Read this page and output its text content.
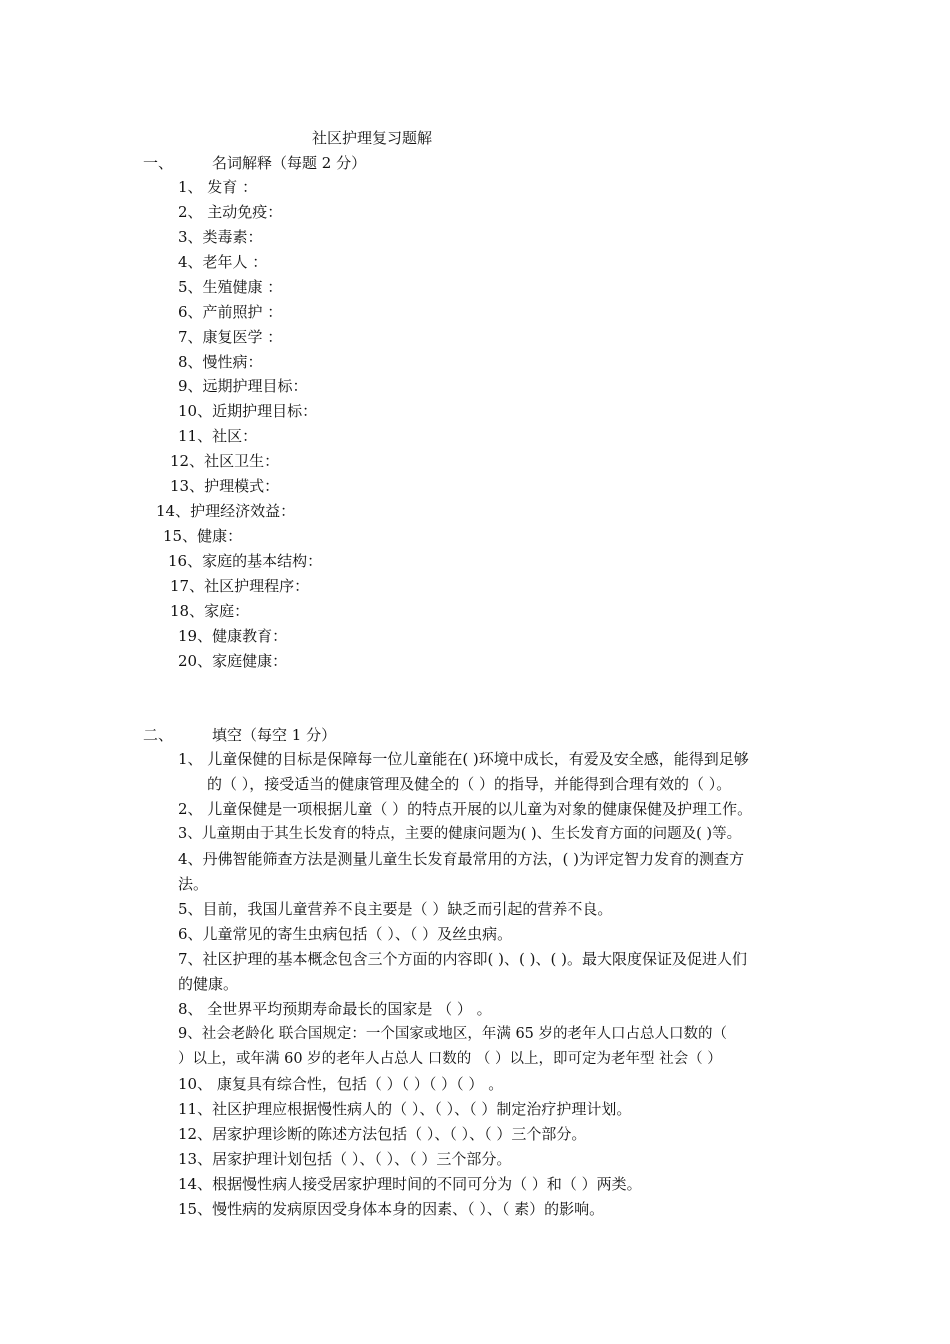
社区护理复习题解
一、	名词解释（每题 2 分）
1、 发育 ：
2、 主动免疫：
3、类毒素：
4、老年人 ：
5、生殖健康 ：
6、产前照护 ：
7、康复医学 ：
8、慢性病：
9、远期护理目标：
10、近期护理目标：
11、社区：
12、社区卫生：
13、护理模式：
14、护理经济效益：
15、健康：
16、家庭的基本结构：
17、社区护理程序：
18、家庭：
19、健康教育：
20、家庭健康：
二、	填空（每空 1 分）
1、 儿童保健的目标是保障每一位儿童能在( )环境中成长，有爱及安全感，能得到足够
的（ ），接受适当的健康管理及健全的（ ）的指导，并能得到合理有效的（ ）。
2、 儿童保健是一项根据儿童（ ）的特点开展的以儿童为对象的健康保健及护理工作。
3、儿童期由于其生长发育的特点，主要的健康问题为( )、生长发育方面的问题及( )等。
4、丹佛智能筛查方法是测量儿童生长发育最常用的方法，( )为评定智力发育的测查方
法。
5、目前，我国儿童营养不良主要是（ ）缺乏而引起的营养不良。
6、儿童常见的寄生虫病包括（ ）、（ ）及丝虫病。
7、社区护理的基本概念包含三个方面的内容即( )、( )、( )。最大限度保证及促进人们
的健康。
8、 全世界平均预期寿命最长的国家是 （ ） 。
9、社会老龄化 联合国规定：一个国家或地区，年满 65 岁的老年人口占总人口数的（
）以上，或年满 60 岁的老年人占总人 口数的 （ ）以上，即可定为老年型 社会（ ）
10、 康复具有综合性，包括（ ）（ ）（ ）（ ） 。
11、社区护理应根据慢性病人的（ ）、（ ）、（ ）制定治疗护理计划。
12、居家护理诊断的陈述方法包括（ ）、（ ）、（ ）三个部分。
13、居家护理计划包括（ ）、（ ）、（ ）三个部分。
14、根据慢性病人接受居家护理时间的不同可分为（ ）和（ ）两类。
15、慢性病的发病原因受身体本身的因素、（ ）、（ 素）的影响。
